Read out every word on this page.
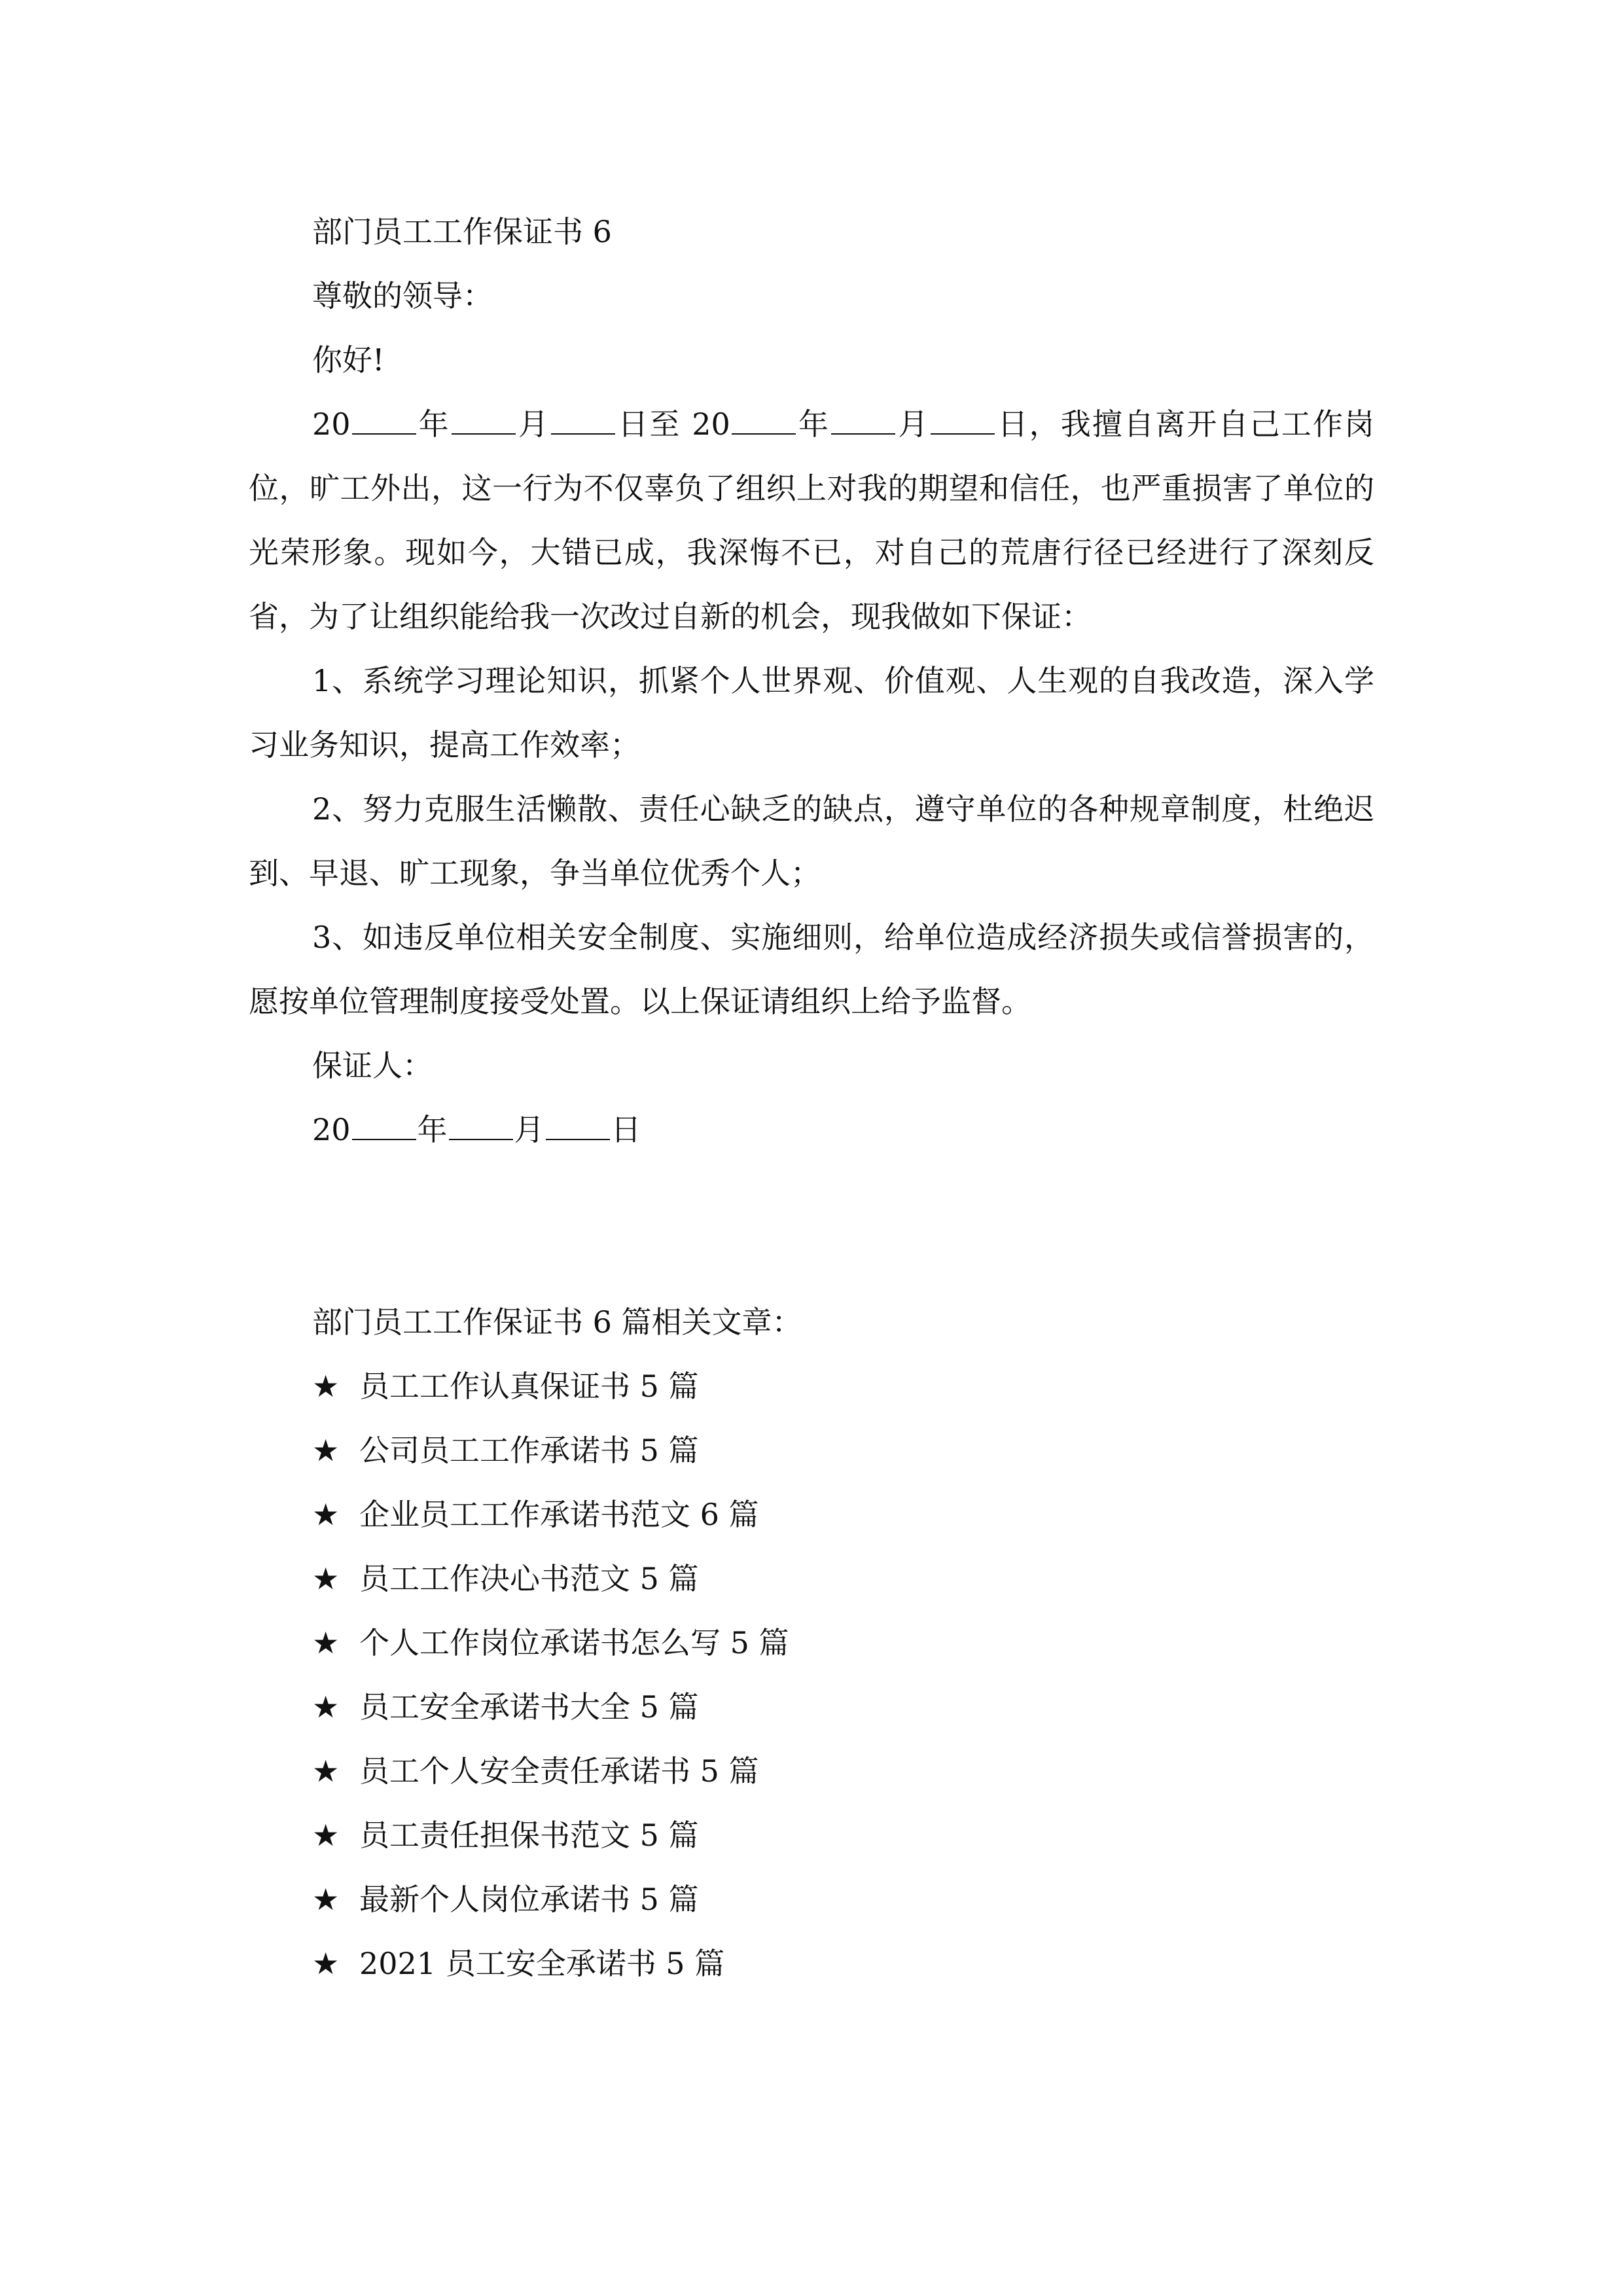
部门员工工作保证书 6

尊敬的领导：

你好!

20 年 月 日至 20 年 月 日，我擅自离开自己工作岗位，旷工外出，这一行为不仅辜负了组织上对我的期望和信任，也严重损害了单位的光荣形象。现如今，大错已成，我深悔不已，对自己的荒唐行径已经进行了深刻反省，为了让组织能给我一次改过自新的机会，现我做如下保证：

1、系统学习理论知识，抓紧个人世界观、价值观、人生观的自我改造，深入学习业务知识，提高工作效率；

2、努力克服生活懒散、责任心缺乏的缺点，遵守单位的各种规章制度，杜绝迟到、早退、旷工现象，争当单位优秀个人；

3、如违反单位相关安全制度、实施细则，给单位造成经济损失或信誉损害的，愿按单位管理制度接受处置。以上保证请组织上给予监督。

保证人：

20 年 月 日

部门员工工作保证书 6 篇相关文章：

★ 员工工作认真保证书 5 篇
★ 公司员工工作承诺书 5 篇
★ 企业员工工作承诺书范文 6 篇
★ 员工工作决心书范文 5 篇
★ 个人工作岗位承诺书怎么写 5 篇
★ 员工安全承诺书大全 5 篇
★ 员工个人安全责任承诺书 5 篇
★ 员工责任担保书范文 5 篇
★ 最新个人岗位承诺书 5 篇
★ 2021 员工安全承诺书 5 篇
